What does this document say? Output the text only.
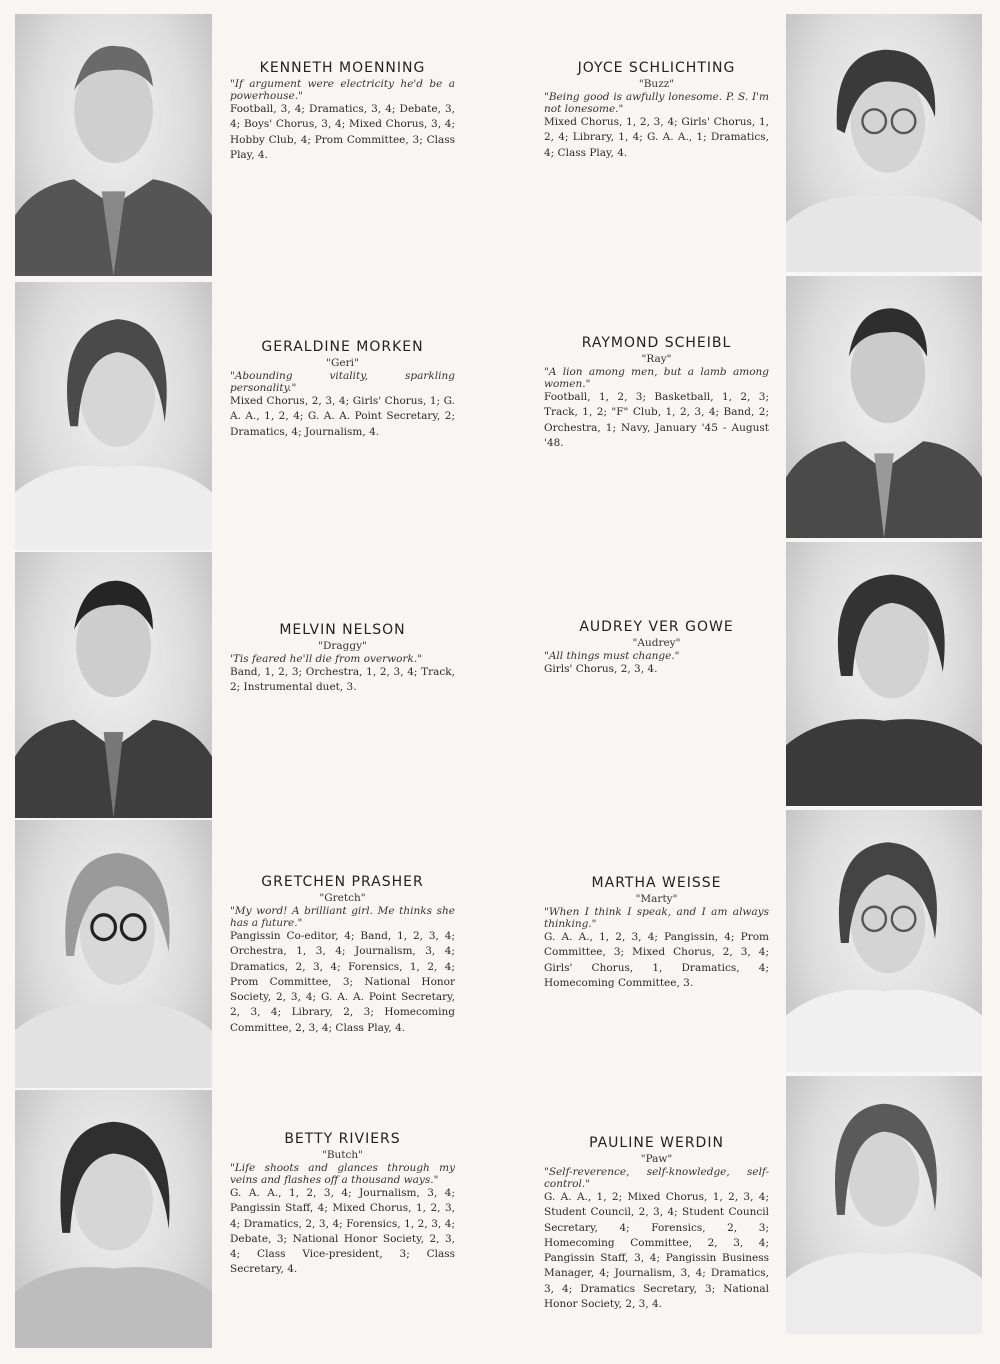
KENNETH MOENNING
"If argument were electricity he'd be a powerhouse."
Football, 3, 4; Dramatics, 3, 4; Debate, 3, 4; Boys' Chorus, 3, 4; Mixed Chorus, 3, 4; Hobby Club, 4; Prom Committee, 3; Class Play, 4.
JOYCE SCHLICHTING
"Buzz"
"Being good is awfully lonesome. P. S. I'm not lonesome."
Mixed Chorus, 1, 2, 3, 4; Girls' Chorus, 1, 2, 4; Library, 1, 4; G. A. A., 1; Dramatics, 4; Class Play, 4.
GERALDINE MORKEN
"Geri"
"Abounding vitality, sparkling personality."
Mixed Chorus, 2, 3, 4; Girls' Chorus, 1; G. A. A., 1, 2, 4; G. A. A. Point Secretary, 2; Dramatics, 4; Journalism, 4.
RAYMOND SCHEIBL
"Ray"
"A lion among men, but a lamb among women."
Football, 1, 2, 3; Basketball, 1, 2, 3; Track, 1, 2; "F" Club, 1, 2, 3, 4; Band, 2; Orchestra, 1; Navy, January '45 - August '48.
MELVIN NELSON
"Draggy"
'Tis feared he'll die from overwork."
Band, 1, 2, 3; Orchestra, 1, 2, 3, 4; Track, 2; Instrumental duet, 3.
AUDREY VER GOWE
"Audrey"
"All things must change."
Girls' Chorus, 2, 3, 4.
GRETCHEN PRASHER
"Gretch"
"My word! A brilliant girl. Me thinks she has a future."
Pangissin Co-editor, 4; Band, 1, 2, 3, 4; Orchestra, 1, 3, 4; Journalism, 3, 4; Dramatics, 2, 3, 4; Forensics, 1, 2, 4; Prom Committee, 3; National Honor Society, 2, 3, 4; G. A. A. Point Secretary, 2, 3, 4; Library, 2, 3; Homecoming Committee, 2, 3, 4; Class Play, 4.
MARTHA WEISSE
"Marty"
"When I think I speak, and I am always thinking."
G. A. A., 1, 2, 3, 4; Pangissin, 4; Prom Committee, 3; Mixed Chorus, 2, 3, 4; Girls' Chorus, 1, Dramatics, 4; Homecoming Committee, 3.
BETTY RIVIERS
"Butch"
"Life shoots and glances through my veins and flashes off a thousand ways."
G. A. A., 1, 2, 3, 4; Journalism, 3, 4; Pangissin Staff, 4; Mixed Chorus, 1, 2, 3, 4; Dramatics, 2, 3, 4; Forensics, 1, 2, 3, 4; Debate, 3; National Honor Society, 2, 3, 4; Class Vice-president, 3; Class Secretary, 4.
PAULINE WERDIN
"Paw"
"Self-reverence, self-knowledge, self-control."
G. A. A., 1, 2; Mixed Chorus, 1, 2, 3, 4; Student Council, 2, 3, 4; Student Council Secretary, 4; Forensics, 2, 3; Homecoming Committee, 2, 3, 4; Pangissin Staff, 3, 4; Pangissin Business Manager, 4; Journalism, 3, 4; Dramatics, 3, 4; Dramatics Secretary, 3; National Honor Society, 2, 3, 4.
